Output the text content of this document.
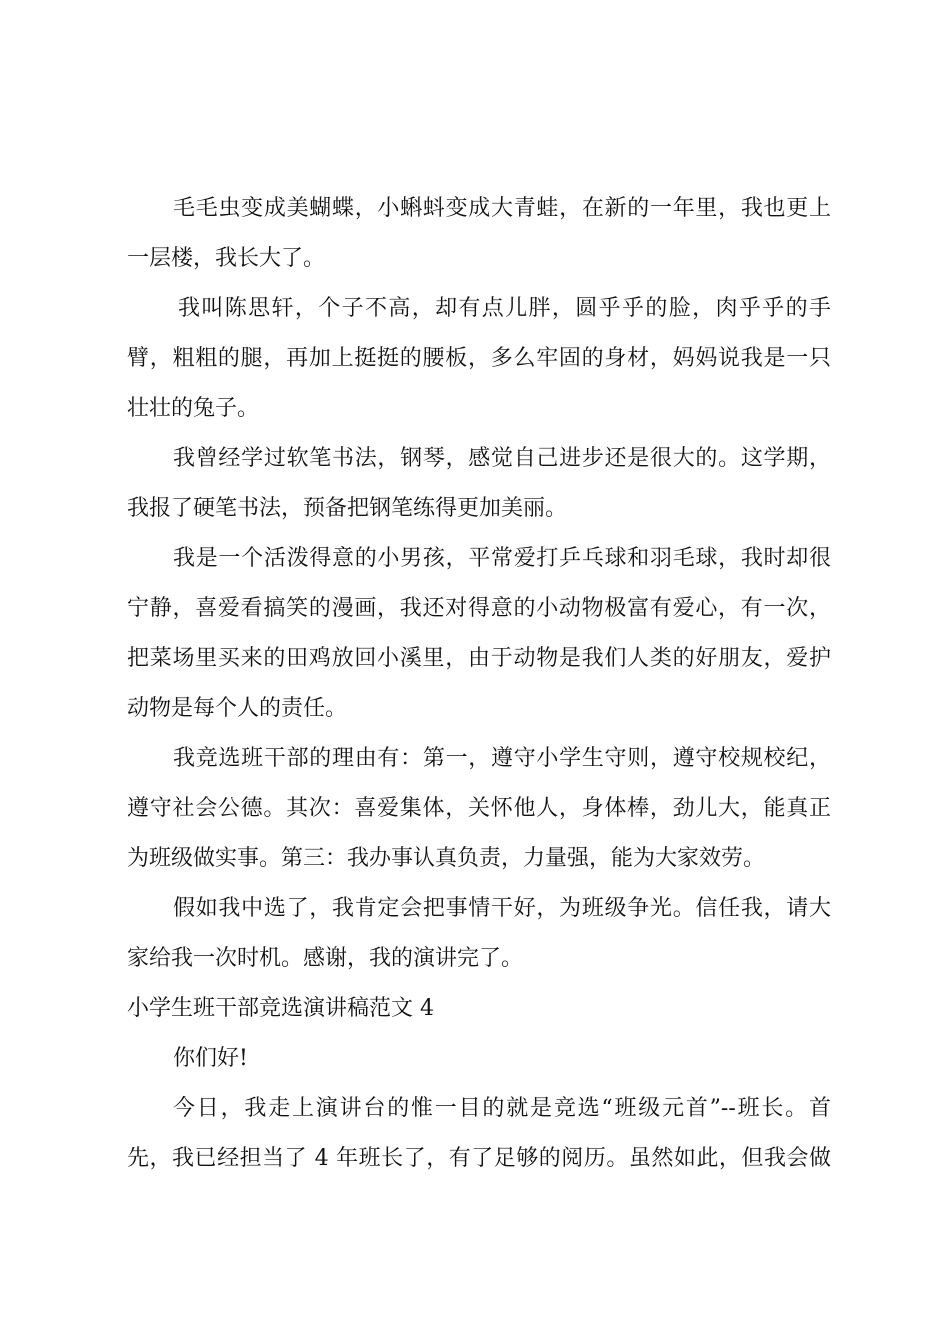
毛毛虫变成美蝴蝶，小蝌蚪变成大青蛙，在新的一年里，我也更上
一层楼，我长大了。
我叫陈思轩，个子不高，却有点儿胖，圆乎乎的脸，肉乎乎的手
臂，粗粗的腿，再加上挺挺的腰板，多么牢固的身材，妈妈说我是一只
壮壮的兔子。
我曾经学过软笔书法，钢琴，感觉自己进步还是很大的。这学期，
我报了硬笔书法，预备把钢笔练得更加美丽。
我是一个活泼得意的小男孩，平常爱打乒乓球和羽毛球，我时却很
宁静，喜爱看搞笑的漫画，我还对得意的小动物极富有爱心，有一次，
把菜场里买来的田鸡放回小溪里，由于动物是我们人类的好朋友，爱护
动物是每个人的责任。
我竞选班干部的理由有：第一，遵守小学生守则，遵守校规校纪，
遵守社会公德。其次：喜爱集体，关怀他人，身体棒，劲儿大，能真正
为班级做实事。第三：我办事认真负责，力量强，能为大家效劳。
假如我中选了，我肯定会把事情干好，为班级争光。信任我，请大
家给我一次时机。感谢，我的演讲完了。
小学生班干部竞选演讲稿范文 4
你们好!
今日，我走上演讲台的惟一目的就是竞选“班级元首”--班长。首
先，我已经担当了 4 年班长了，有了足够的阅历。虽然如此，但我会做
